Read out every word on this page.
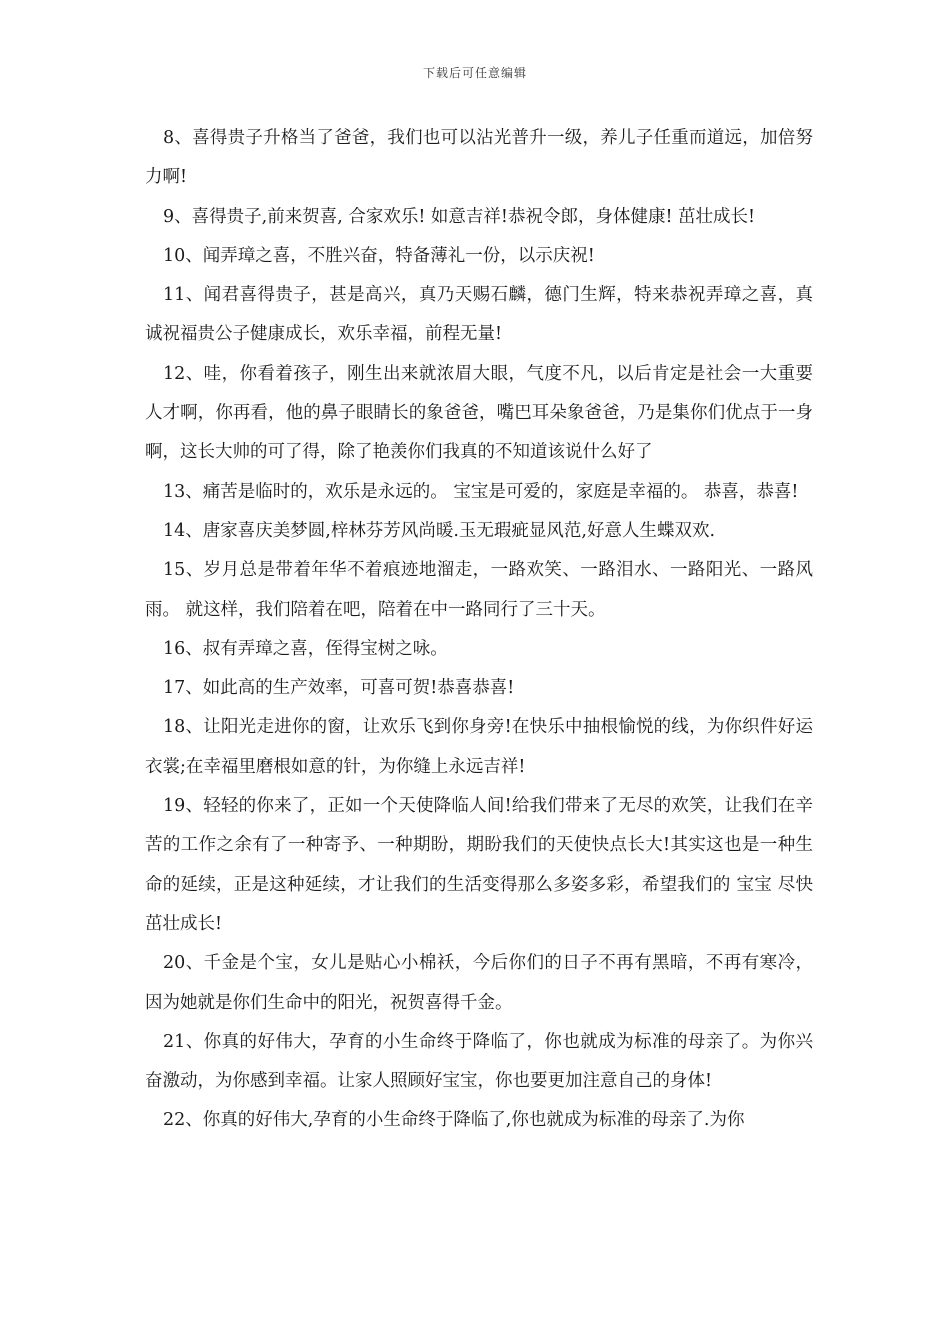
下载后可任意编辑

8、喜得贵子升格当了爸爸，我们也可以沾光普升一级，养儿子任重而道远，加倍努力啊!

9、喜得贵子,前来贺喜, 合家欢乐! 如意吉祥!恭祝令郎，身体健康! 茁壮成长!

10、闻弄璋之喜，不胜兴奋，特备薄礼一份，以示庆祝!

11、闻君喜得贵子，甚是高兴，真乃天赐石麟，德门生辉，特来恭祝弄璋之喜，真诚祝福贵公子健康成长，欢乐幸福，前程无量!

12、哇，你看着孩子，刚生出来就浓眉大眼，气度不凡，以后肯定是社会一大重要人才啊，你再看，他的鼻子眼睛长的象爸爸，嘴巴耳朵象爸爸，乃是集你们优点于一身啊，这长大帅的可了得，除了艳羡你们我真的不知道该说什么好了

13、痛苦是临时的，欢乐是永远的。 宝宝是可爱的，家庭是幸福的。 恭喜，恭喜!

14、唐家喜庆美梦圆,梓林芬芳风尚暖.玉无瑕疵显风范,好意人生蝶双欢.

15、岁月总是带着年华不着痕迹地溜走，一路欢笑、一路泪水、一路阳光、一路风雨。 就这样，我们陪着在吧，陪着在中一路同行了三十天。

16、叔有弄璋之喜，侄得宝树之咏。

17、如此高的生产效率，可喜可贺!恭喜恭喜!

18、让阳光走进你的窗，让欢乐飞到你身旁!在快乐中抽根愉悦的线，为你织件好运衣裳;在幸福里磨根如意的针，为你缝上永远吉祥!

19、轻轻的你来了，正如一个天使降临人间!给我们带来了无尽的欢笑，让我们在辛苦的工作之余有了一种寄予、一种期盼，期盼我们的天使快点长大!其实这也是一种生命的延续，正是这种延续，才让我们的生活变得那么多姿多彩，希望我们的 宝宝 尽快茁壮成长!

20、千金是个宝，女儿是贴心小棉袄，今后你们的日子不再有黑暗，不再有寒冷，因为她就是你们生命中的阳光，祝贺喜得千金。

21、你真的好伟大，孕育的小生命终于降临了，你也就成为标准的母亲了。为你兴奋激动，为你感到幸福。让家人照顾好宝宝，你也要更加注意自己的身体!

22、你真的好伟大,孕育的小生命终于降临了,你也就成为标准的母亲了.为你
